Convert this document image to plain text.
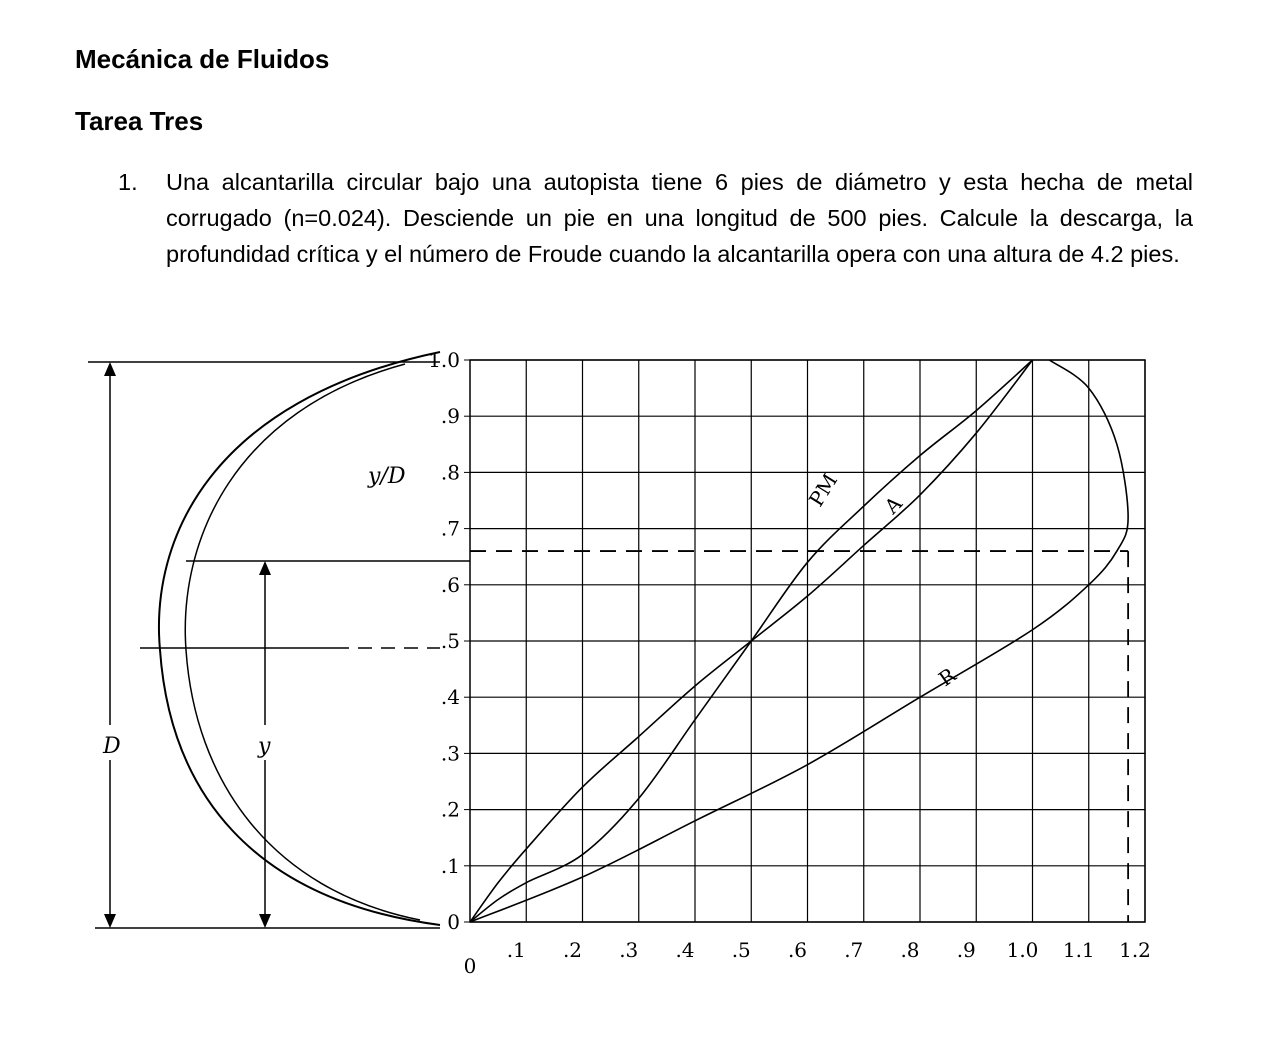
Mecánica de Fluidos
Tarea Tres
1. Una alcantarilla circular bajo una autopista tiene 6 pies de diámetro y esta hecha de metal corrugado (n=0.024). Desciende un pie en una longitud de 500 pies. Calcule la descarga, la profundidad crítica y el número de Froude cuando la alcantarilla opera con una altura de 4.2 pies.
D	y
y/D
1.0
.9
.8
.7
.6
.5
.4
.3
.2
.1
0
.1 .2 .3 .4 .5 .6 .7 .8 .9 1.0 1.1 1.2
0
PM A
R
